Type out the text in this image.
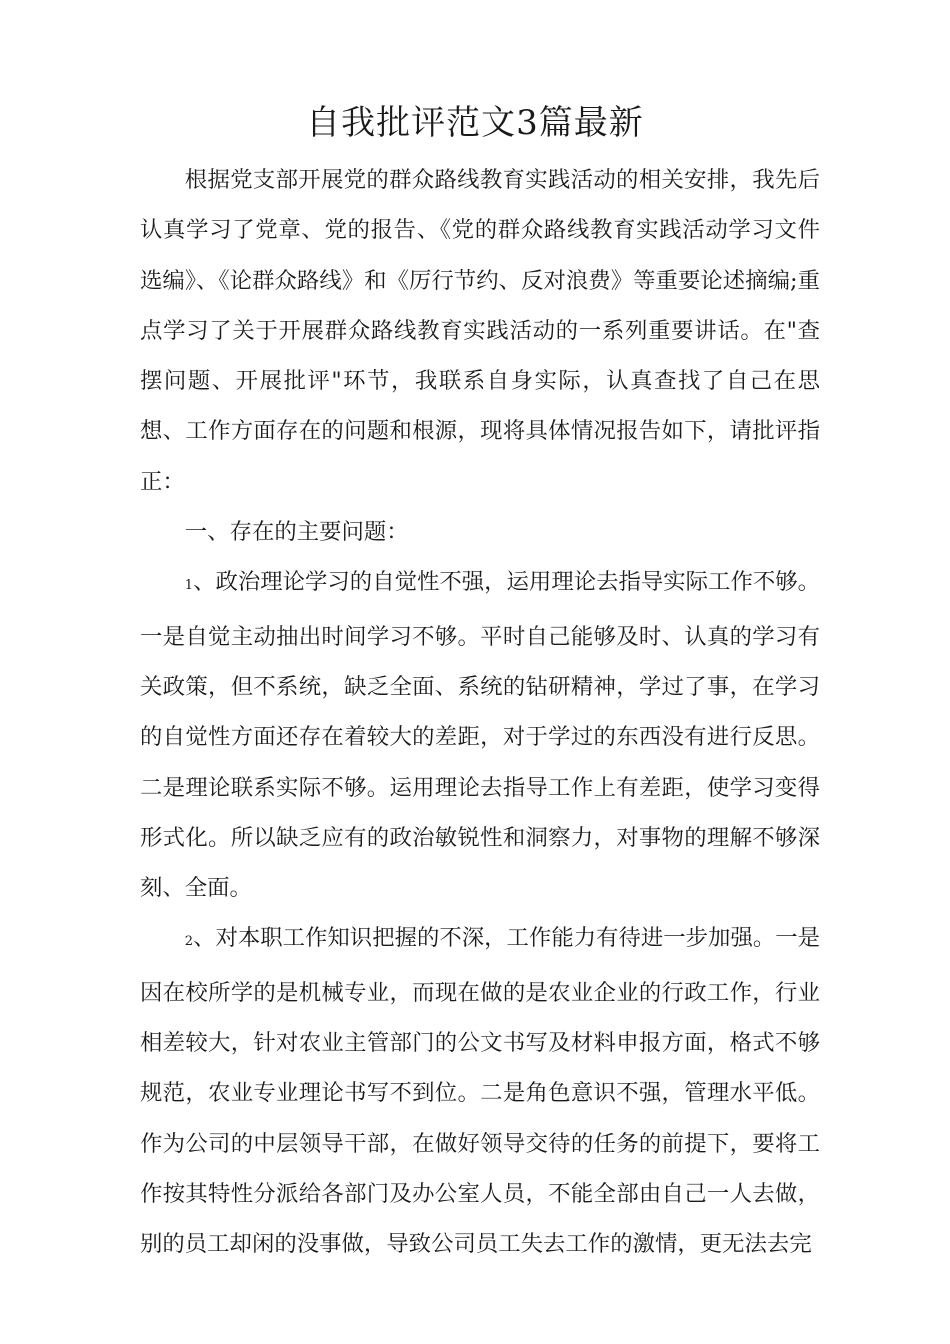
自我批评范文3篇最新

根据党支部开展党的群众路线教育实践活动的相关安排，我先后认真学习了党章、党的报告、《党的群众路线教育实践活动学习文件选编》、《论群众路线》和《厉行节约、反对浪费》等重要论述摘编;重点学习了关于开展群众路线教育实践活动的一系列重要讲话。在"查摆问题、开展批评"环节，我联系自身实际，认真查找了自己在思想、工作方面存在的问题和根源，现将具体情况报告如下，请批评指正：

一、存在的主要问题：

1、政治理论学习的自觉性不强，运用理论去指导实际工作不够。一是自觉主动抽出时间学习不够。平时自己能够及时、认真的学习有关政策，但不系统，缺乏全面、系统的钻研精神，学过了事，在学习的自觉性方面还存在着较大的差距，对于学过的东西没有进行反思。二是理论联系实际不够。运用理论去指导工作上有差距，使学习变得形式化。所以缺乏应有的政治敏锐性和洞察力，对事物的理解不够深刻、全面。

2、对本职工作知识把握的不深，工作能力有待进一步加强。一是因在校所学的是机械专业，而现在做的是农业企业的行政工作，行业相差较大，针对农业主管部门的公文书写及材料申报方面，格式不够规范，农业专业理论书写不到位。二是角色意识不强，管理水平低。作为公司的中层领导干部，在做好领导交待的任务的前提下，要将工作按其特性分派给各部门及办公室人员，不能全部由自己一人去做，别的员工却闲的没事做，导致公司员工失去工作的激情，更无法去完
